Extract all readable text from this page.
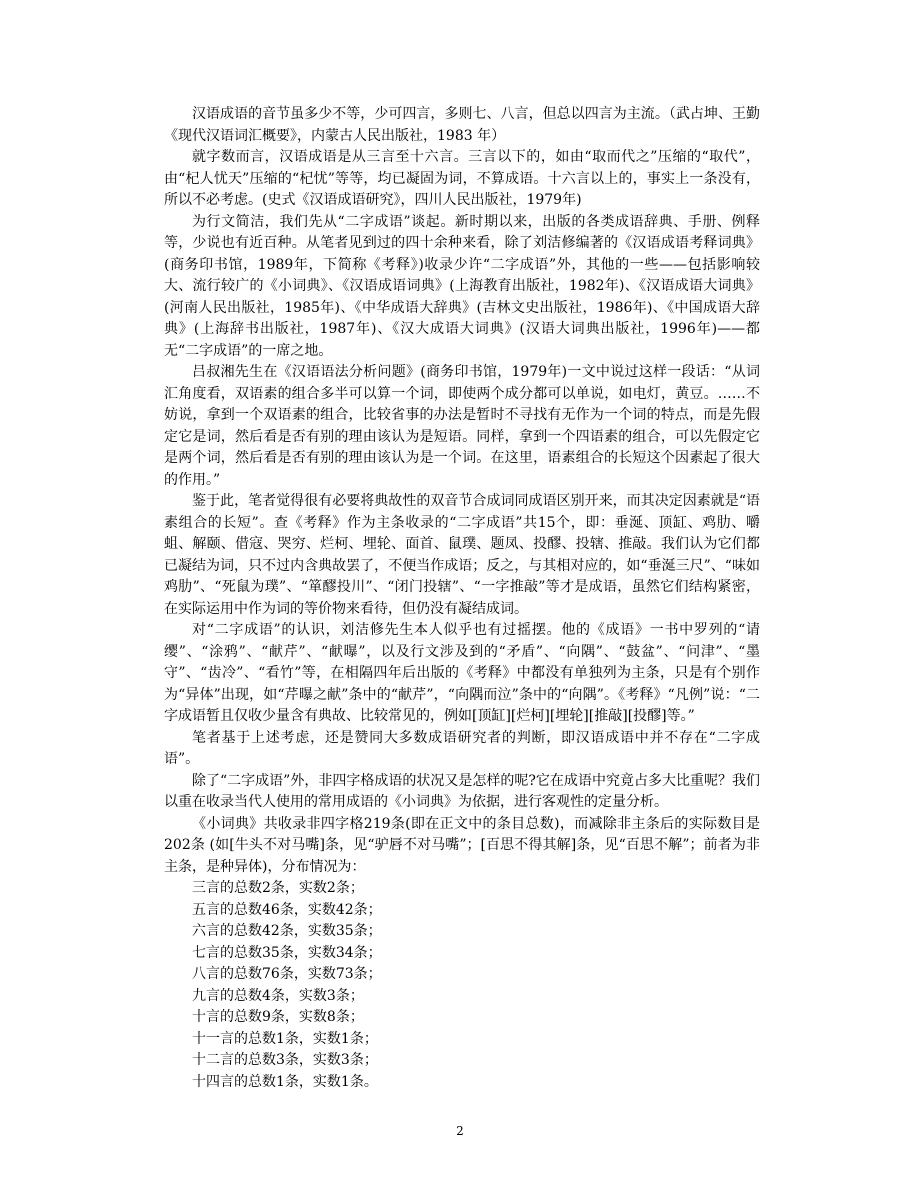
汉语成语的音节虽多少不等，少可四言，多则七、八言，但总以四言为主流。（武占坤、王勤《现代汉语词汇概要》，内蒙古人民出版社，1983 年）

就字数而言，汉语成语是从三言至十六言。三言以下的，如由“取而代之”压缩的“取代”，由“杞人忧天”压缩的“杞忧”等等，均已凝固为词，不算成语。十六言以上的，事实上一条没有，所以不必考虑。(史式《汉语成语研究》，四川人民出版社，1979年)

为行文简洁，我们先从“二字成语”谈起。新时期以来，出版的各类成语辞典、手册、例释等，少说也有近百种。从笔者见到过的四十余种来看，除了刘洁修编著的《汉语成语考释词典》(商务印书馆，1989年，下简称《考释》)收录少许“二字成语”外，其他的一些——包括影响较大、流行较广的《小词典》、《汉语成语词典》(上海教育出版社，1982年)、《汉语成语大词典》(河南人民出版社，1985年)、《中华成语大辞典》(吉林文史出版社，1986年)、《中国成语大辞典》(上海辞书出版社，1987年)、《汉大成语大词典》(汉语大词典出版社，1996年)——都无“二字成语”的一席之地。

吕叔湘先生在《汉语语法分析问题》(商务印书馆，1979年)一文中说过这样一段话：“从词汇角度看，双语素的组合多半可以算一个词，即使两个成分都可以单说，如电灯，黄豆。……不妨说，拿到一个双语素的组合，比较省事的办法是暂时不寻找有无作为一个词的特点，而是先假定它是词，然后看是否有别的理由该认为是短语。同样，拿到一个四语素的组合，可以先假定它是两个词，然后看是否有别的理由该认为是一个词。在这里，语素组合的长短这个因素起了很大的作用。”

鉴于此，笔者觉得很有必要将典故性的双音节合成词同成语区别开来，而其决定因素就是“语素组合的长短”。查《考释》作为主条收录的“二字成语”共15个，即：垂涎、顶缸、鸡肋、嚼蛆、解颐、借寇、哭穷、烂柯、埋轮、面首、鼠璞、题凤、投醪、投辖、推敲。我们认为它们都已凝结为词，只不过内含典故罢了，不便当作成语；反之，与其相对应的，如“垂涎三尺”、“味如鸡肋”、“死鼠为璞”、“箪醪投川”、“闭门投辖”、“一字推敲”等才是成语，虽然它们结构紧密，在实际运用中作为词的等价物来看待，但仍没有凝结成词。

对“二字成语”的认识，刘洁修先生本人似乎也有过摇摆。他的《成语》一书中罗列的“请缨”、“涂鸦”、“献芹”、“献曝”，以及行文涉及到的“矛盾”、“向隅”、“鼓盆”、“问津”、“墨守”、“齿冷”、“看竹”等，在相隔四年后出版的《考释》中都没有单独列为主条，只是有个别作为“异体”出现，如“芹曝之献”条中的“献芹”，“向隅而泣”条中的“向隅”。《考释》“凡例”说：“二字成语暂且仅收少量含有典故、比较常见的，例如[顶缸][烂柯][埋轮][推敲][投醪]等。”

笔者基于上述考虑，还是赞同大多数成语研究者的判断，即汉语成语中并不存在“二字成语”。

除了“二字成语”外，非四字格成语的状况又是怎样的呢?它在成语中究竟占多大比重呢？我们以重在收录当代人使用的常用成语的《小词典》为依据，进行客观性的定量分析。

《小词典》共收录非四字格219条(即在正文中的条目总数)，而减除非主条后的实际数目是202条 (如[牛头不对马嘴]条，见“驴唇不对马嘴”；[百思不得其解]条，见“百思不解”；前者为非主条，是种异体)，分布情况为：

三言的总数2条，实数2条；
五言的总数46条，实数42条；
六言的总数42条，实数35条；
七言的总数35条，实数34条；
八言的总数76条，实数73条；
九言的总数4条，实数3条；
十言的总数9条，实数8条；
十一言的总数1条，实数1条；
十二言的总数3条，实数3条；
十四言的总数1条，实数1条。
2
